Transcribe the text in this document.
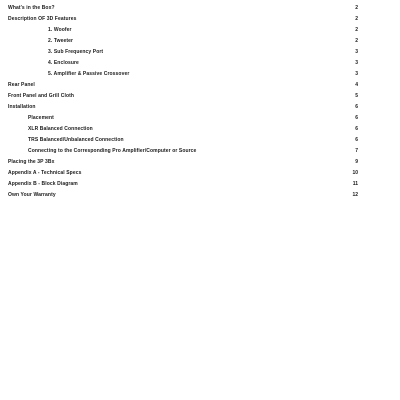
What's in the Box?	2
Description OF 3D Features	2
1. Woofer	2
2. Tweeter	2
3. Sub Frequency Port	3
4. Enclosure	3
5. Amplifier & Passive Crossover	3
Rear Panel	4
Front Panel and Grill Cloth	5
Installation	6
Placement	6
XLR Balanced Connection	6
TRS Balanced/Unbalanced Connection	6
Connecting to the Corresponding Pro Amplifier/Computer or Source	7
Placing the 3P 3Bx	9
Appendix A - Technical Specs	10
Appendix B - Block Diagram	11
Own Your Warranty	12
